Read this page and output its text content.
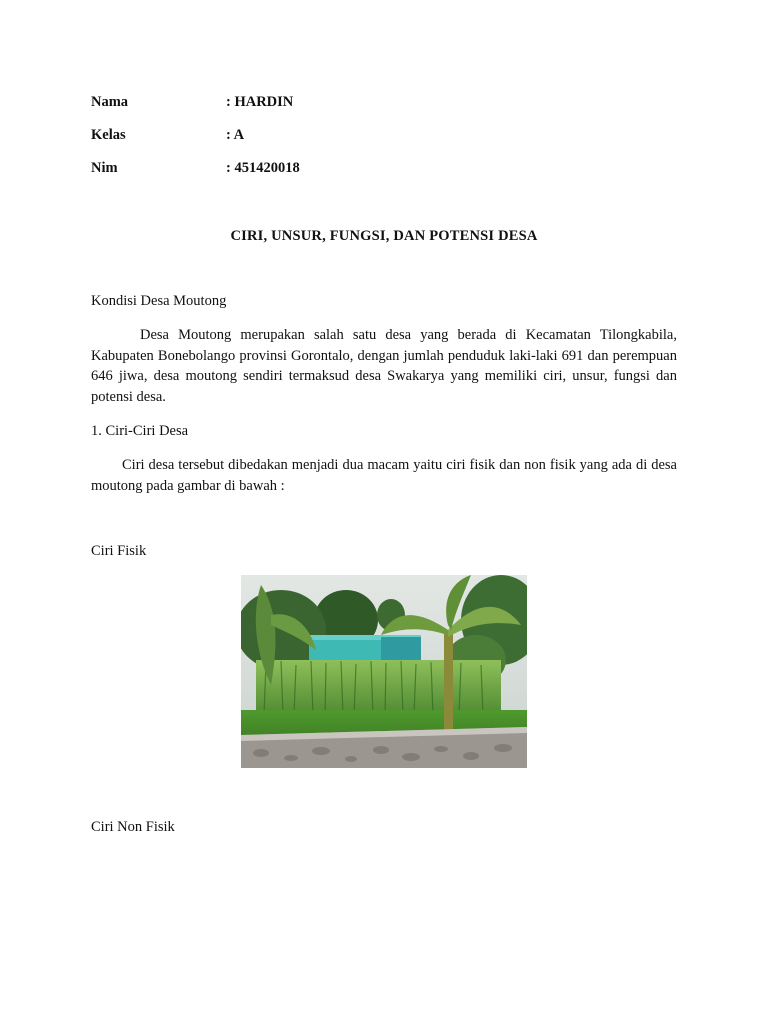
Nama	: HARDIN
Kelas	: A
Nim	: 451420018
CIRI, UNSUR, FUNGSI, DAN POTENSI DESA
Kondisi Desa Moutong

Desa Moutong merupakan salah satu desa yang berada di Kecamatan Tilongkabila, Kabupaten Bonebolango provinsi Gorontalo, dengan jumlah penduduk laki-laki 691 dan perempuan 646 jiwa, desa moutong sendiri termaksud desa Swakarya yang memiliki ciri, unsur, fungsi dan potensi desa.

1. Ciri-Ciri Desa

Ciri desa tersebut dibedakan menjadi dua macam yaitu ciri fisik dan non fisik yang ada di desa moutong pada gambar di bawah :

Ciri Fisik
Ciri Non Fisik
